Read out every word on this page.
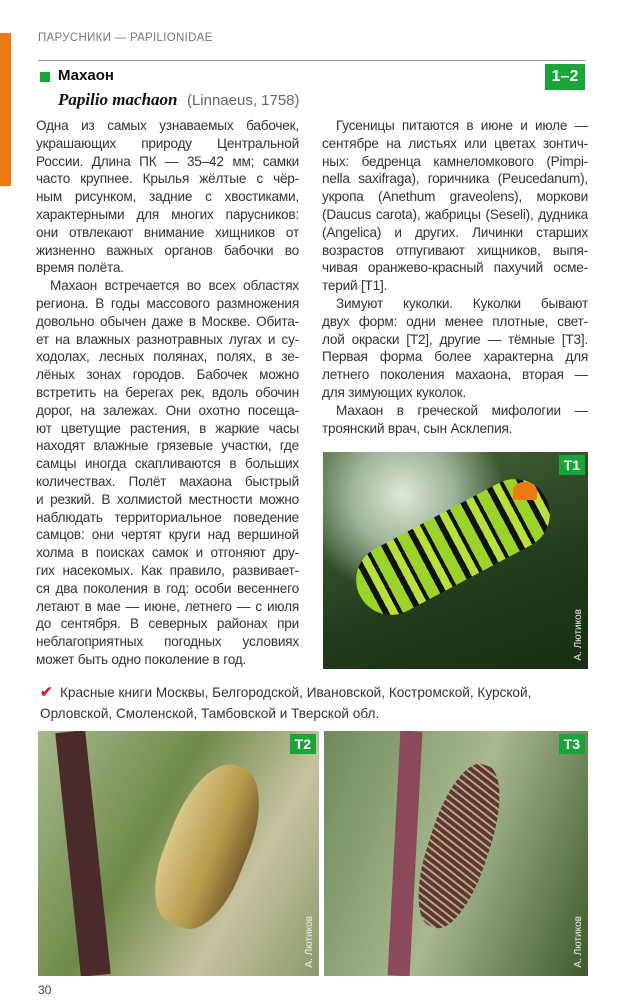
ПАРУСНИКИ — PAPILIONIDAE
Махаон
Papilio machaon (Linnaeus, 1758)
1–2
Одна из самых узнаваемых бабочек,
украшающих природу Центральной
России. Длина ПК — 35–42 мм; самки
часто крупнее. Крылья жёлтые с чёр-
ным рисунком, задние с хвостиками,
характерными для многих парусников:
они отвлекают внимание хищников от
жизненно важных органов бабочки во
время полёта.
Махаон встречается во всех областях
региона. В годы массового размножения
довольно обычен даже в Москве. Обита-
ет на влажных разнотравных лугах и су-
ходолах, лесных полянах, полях, в зе-
лёных зонах городов. Бабочек можно
встретить на берегах рек, вдоль обочин
дорог, на залежах. Они охотно посеща-
ют цветущие растения, в жаркие часы
находят влажные грязевые участки, где
самцы иногда скапливаются в больших
количествах. Полёт махаона быстрый
и резкий. В холмистой местности можно
наблюдать территориальное поведение
самцов: они чертят круги над вершиной
холма в поисках самок и отгоняют дру-
гих насекомых. Как правило, развивает-
ся два поколения в год: особи весеннего
летают в мае — июне, летнего — с июля
до сентября. В северных районах при
неблагоприятных погодных условиях
может быть одно поколение в год.
Гусеницы питаются в июне и июле —
сентябре на листьях или цветах зонтич-
ных: бедренца камнеломкового (Pimpi-
nella saxifraga), горичника (Peucedanum),
укропа (Anethum graveolens), моркови
(Daucus carota), жабрицы (Seseli), дудника
(Angelica) и других. Личинки старших
возрастов отпугивают хищников, выпя-
чивая оранжево-красный пахучий осме-
терий [T1].
Зимуют куколки. Куколки бывают
двух форм: одни менее плотные, свет-
лой окраски [T2], другие — тёмные [T3].
Первая форма более характерна для
летнего поколения махаона, вторая —
для зимующих куколок.
Махаон в греческой мифологии —
троянский врач, сын Асклепия.
T1
А. Лютиков
✔ Красные книги Москвы, Белгородской, Ивановской, Костромской, Курской, Орловской, Смоленской, Тамбовской и Тверской обл.
T2
А. Лютиков
T3
А. Лютиков
30
